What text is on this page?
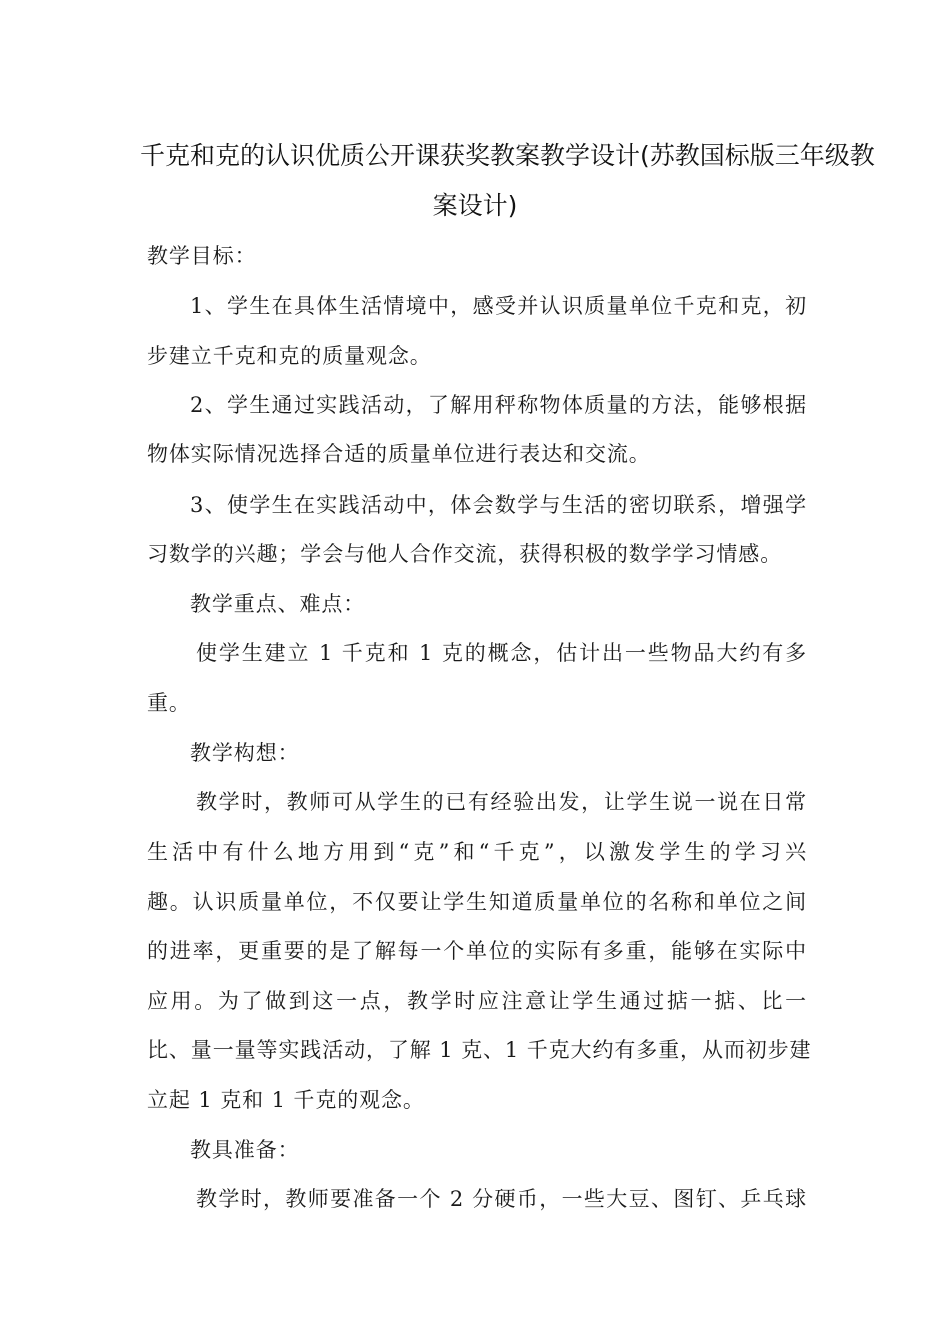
千克和克的认识优质公开课获奖教案教学设计(苏教国标版三年级教
案设计)
教学目标：
1、学生在具体生活情境中，感受并认识质量单位千克和克，初
步建立千克和克的质量观念。
2、学生通过实践活动，了解用秤称物体质量的方法，能够根据
物体实际情况选择合适的质量单位进行表达和交流。
3、使学生在实践活动中，体会数学与生活的密切联系，增强学
习数学的兴趣；学会与他人合作交流，获得积极的数学学习情感。
教学重点、难点：
使学生建立 1 千克和 1 克的概念，估计出一些物品大约有多
重。
教学构想：
教学时，教师可从学生的已有经验出发，让学生说一说在日常
生活中有什么地方用到“克”和“千克”，以激发学生的学习兴
趣。认识质量单位，不仅要让学生知道质量单位的名称和单位之间
的进率，更重要的是了解每一个单位的实际有多重，能够在实际中
应用。为了做到这一点，教学时应注意让学生通过掂一掂、比一
比、量一量等实践活动，了解 1 克、1 千克大约有多重，从而初步建
立起 1 克和 1 千克的观念。
教具准备：
教学时，教师要准备一个 2 分硬币，一些大豆、图钉、乒乓球
